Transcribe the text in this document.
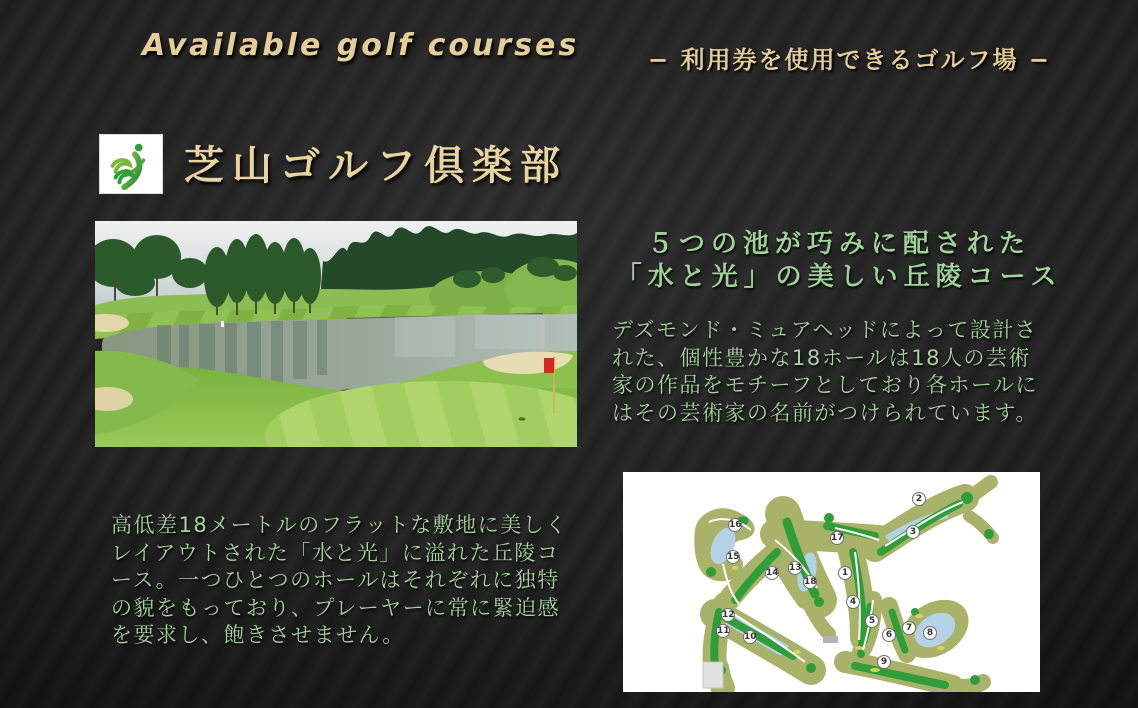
Available golf courses	− 利用券を使用できるゴルフ場 −
芝山ゴルフ倶楽部
５つの池が巧みに配された
「水と光」の美しい丘陵コース

デズモンド・ミュアヘッドによって設計さ
れた、個性豊かな18ホールは18人の芸術
家の作品をモチーフとしており各ホールに
はその芸術家の名前がつけられています。

高低差18メートルのフラットな敷地に美しく
レイアウトされた「水と光」に溢れた丘陵コ
ース。一つひとつのホールはそれぞれに独特
の貌をもっており、プレーヤーに常に緊迫感
を要求し、飽きさせません。

1
2
3
4
5
6
7	8
9
10
11
12
13
14
15
16
17
18
